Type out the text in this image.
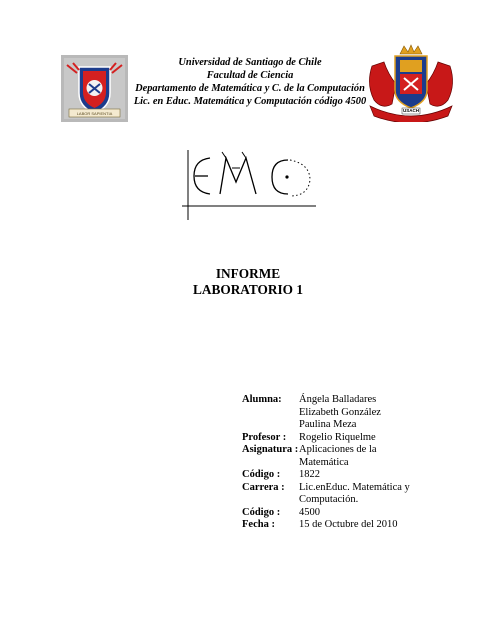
LABOR SAPIENTIA
Universidad de Santiago de Chile
Facultad de Ciencia
Departamento de Matemática y C. de la Computación
Lic. en Educ. Matemática y Computación código 4500
USACH
INFORME
LABORATORIO 1
Alumna:	Ángela Balladares
Elizabeth González
Paulina Meza
Profesor :	Rogelio Riquelme
Asignatura : Aplicaciones de la Matemática
Código :	1822
Carrera :	Lic.enEduc. Matemática y
Computación.
Código :	4500
Fecha :	15 de Octubre del 2010
